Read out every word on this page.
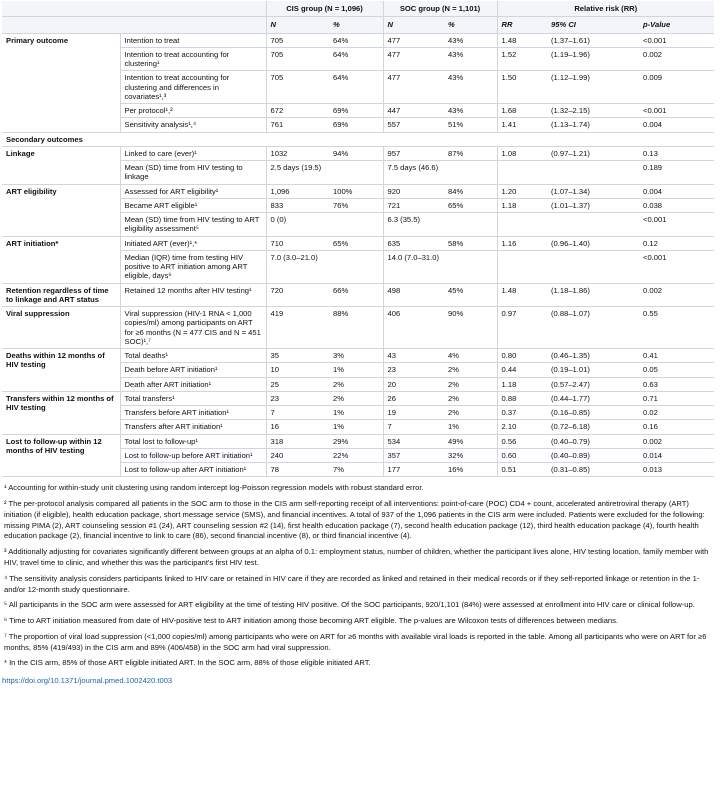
		CIS group (N = 1,096)		SOC group (N = 1,101)		Relative risk (RR)		
		N	%	N	%	RR	95% CI	p-Value
Primary outcome	Intention to treat	705	64%	477	43%	1.48	(1.37–1.61)	<0.001
	Intention to treat accounting for clustering¹	705	64%	477	43%	1.52	(1.19–1.96)	0.002
	Intention to treat accounting for clustering and differences in covariates¹,³	705	64%	477	43%	1.50	(1.12–1.99)	0.009
	Per protocol¹,²	672	69%	447	43%	1.68	(1.32–2.15)	<0.001
	Sensitivity analysis¹,⁴	761	69%	557	51%	1.41	(1.13–1.74)	0.004
Secondary outcomes								
Linkage	Linked to care (ever)¹	1032	94%	957	87%	1.08	(0.97–1.21)	0.13
	Mean (SD) time from HIV testing to linkage	2.5 days (19.5)		7.5 days (46.6)				0.189
ART eligibility	Assessed for ART eligibility¹	1,096	100%	920	84%	1.20	(1.07–1.34)	0.004
	Became ART eligible¹	833	76%	721	65%	1.18	(1.01–1.37)	0.038
	Mean (SD) time from HIV testing to ART eligibility assessment⁵	0 (0)		6.3 (35.5)				<0.001
ART initiation*	Initiated ART (ever)¹,*	710	65%	635	58%	1.16	(0.96–1.40)	0.12
	Median (IQR) time from testing HIV positive to ART initiation among ART eligible, days⁶	7.0 (3.0–21.0)		14.0 (7.0–31.0)				<0.001
Retention regardless of time to linkage and ART status	Retained 12 months after HIV testing¹	720	66%	498	45%	1.48	(1.18–1.86)	0.002
Viral suppression	Viral suppression (HIV-1 RNA < 1,000 copies/ml) among participants on ART for ≥6 months (N = 477 CIS and N = 451 SOC)¹,⁷	419	88%	406	90%	0.97	(0.88–1.07)	0.55
Deaths within 12 months of HIV testing	Total deaths¹	35	3%	43	4%	0.80	(0.46–1.35)	0.41
	Death before ART initiation¹	10	1%	23	2%	0.44	(0.19–1.01)	0.05
	Death after ART initiation¹	25	2%	20	2%	1.18	(0.57–2.47)	0.63
Transfers within 12 months of HIV testing	Total transfers¹	23	2%	26	2%	0.88	(0.44–1.77)	0.71
	Transfers before ART initiation¹	7	1%	19	2%	0.37	(0.16–0.85)	0.02
	Transfers after ART initiation¹	16	1%	7	1%	2.10	(0.72–6.18)	0.16
Lost to follow-up within 12 months of HIV testing	Total lost to follow-up¹	318	29%	534	49%	0.56	(0.40–0.79)	0.002
	Lost to follow-up before ART initiation¹	240	22%	357	32%	0.60	(0.40–0.89)	0.014
	Lost to follow-up after ART initiation¹	78	7%	177	16%	0.51	(0.31–0.85)	0.013

¹ Accounting for within-study unit clustering using random intercept log-Poisson regression models with robust standard error.

² The per-protocol analysis compared all patients in the SOC arm to those in the CIS arm self-reporting receipt of all interventions: point-of-care (POC) CD4 + count, accelerated antiretroviral therapy (ART) initiation (if eligible), health education package, short message service (SMS), and financial incentives. A total of 937 of the 1,096 patients in the CIS arm were included. Patients were excluded for the following: missing PIMA (2), ART counseling session #1 (24), ART counseling session #2 (14), first health education package (7), second health education package (12), third health education package (4), fourth health education package (2), financial incentive to link to care (86), second financial incentive (8), or third financial incentive (4).

³ Additionally adjusting for covariates significantly different between groups at an alpha of 0.1: employment status, number of children, whether the participant lives alone, HIV testing location, family member with HIV, travel time to clinic, and whether this was the participant's first HIV test.

⁴ The sensitivity analysis considers participants linked to HIV care or retained in HIV care if they are recorded as linked and retained in their medical records or if they self-reported linkage or retention in the 1- and/or 12-month study questionnaire.

⁵ All participants in the SOC arm were assessed for ART eligibility at the time of testing HIV positive. Of the SOC participants, 920/1,101 (84%) were assessed at enrollment into HIV care or clinical follow-up.

⁶ Time to ART initiation measured from date of HIV-positive test to ART initiation among those becoming ART eligible. The p-values are Wilcoxon tests of differences between medians.

⁷ The proportion of viral load suppression (<1,000 copies/ml) among participants who were on ART for ≥6 months with available viral loads is reported in the table. Among all participants who were on ART for ≥6 months, 85% (419/493) in the CIS arm and 89% (406/458) in the SOC arm had viral suppression.

* In the CIS arm, 85% of those ART eligible initiated ART. In the SOC arm, 88% of those eligible initiated ART.

https://doi.org/10.1371/journal.pmed.1002420.t003
